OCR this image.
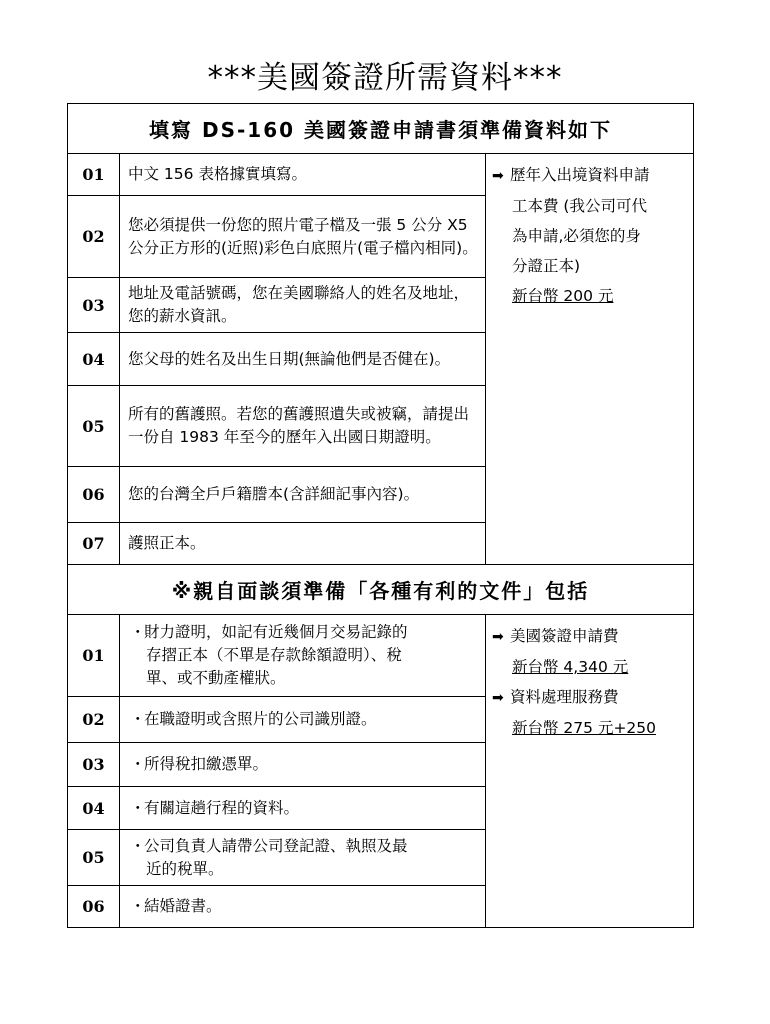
***美國簽證所需資料***
填寫 DS-160 美國簽證申請書須準備資料如下		
01	中文 156 表格據實填寫。	➡ 歷年入出境資料申請
工本費 (我公司可代
為申請,必須您的身
分證正本)
新台幣 200 元

02	您必須提供一份您的照片電子檔及一張 5 公分 X5 公分正方形的(近照)彩色白底照片(電子檔內相同)。	
03	地址及電話號碼，您在美國聯絡人的姓名及地址，您的薪水資訊。	
04	您父母的姓名及出生日期(無論他們是否健在)。	
05	所有的舊護照。若您的舊護照遺失或被竊，請提出一份自 1983 年至今的歷年入出國日期證明。	
06	您的台灣全戶戶籍謄本(含詳細記事內容)。	
07	護照正本。	
※親自面談須準備「各種有利的文件」包括		
01	・財力證明，如記有近幾個月交易記錄的
存摺正本（不單是存款餘額證明）、稅
單、或不動產權狀。	➡ 美國簽證申請費
新台幣 4,340 元
➡ 資料處理服務費
新台幣 275 元+250

02	・在職證明或含照片的公司識別證。	
03	・所得稅扣繳憑單。	
04	・有關這趟行程的資料。	
05	・公司負責人請帶公司登記證、執照及最
近的稅單。	
06	・結婚證書。	
